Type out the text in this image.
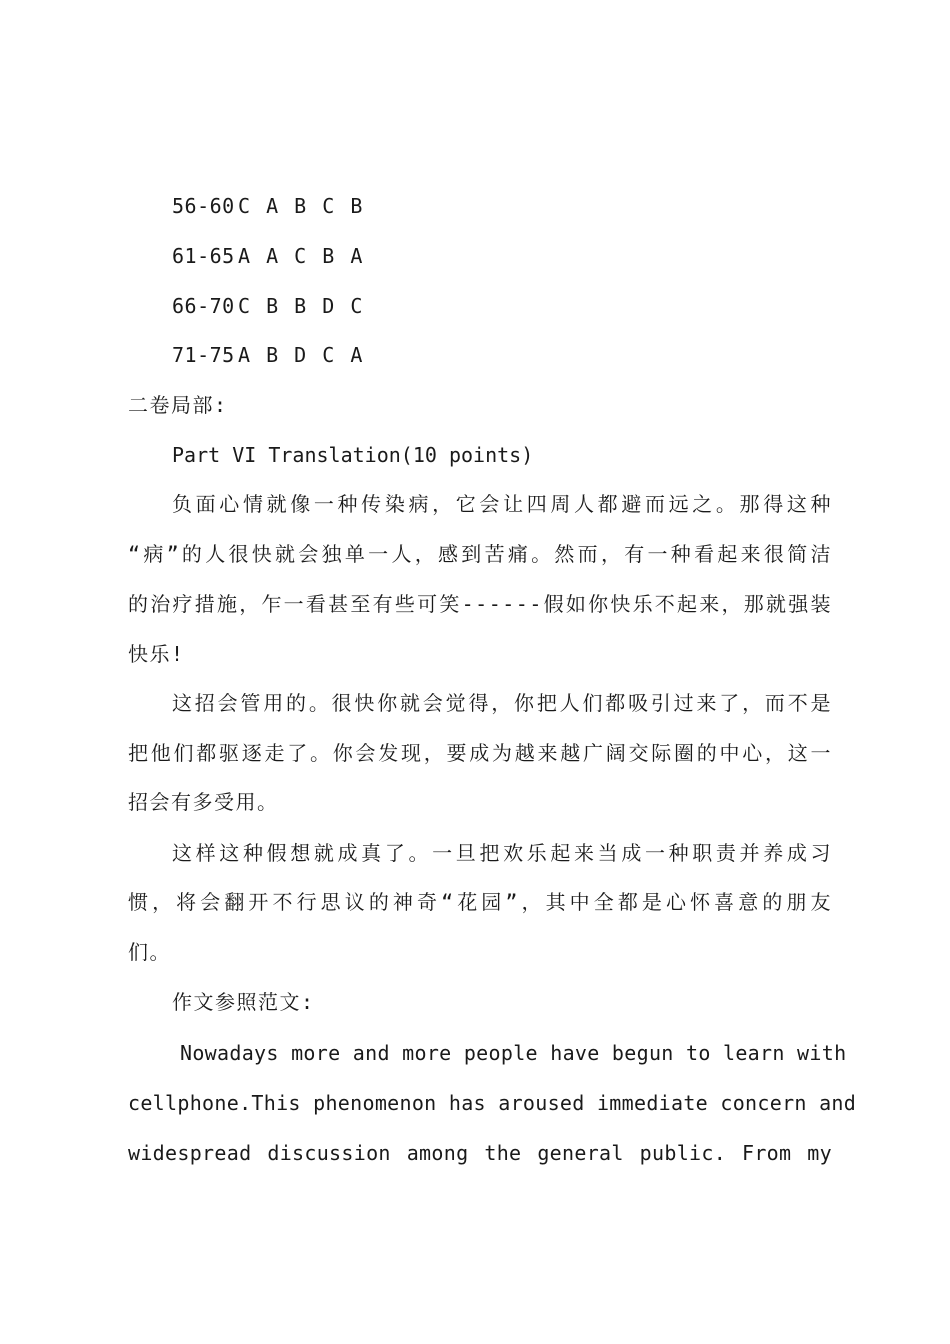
56-60 C A B C B
61-65 A A C B A
66-70 C B B D C
71-75 A B D C A
二卷局部:
Part VI Translation(10 points)
负面心情就像一种传染病，它会让四周人都避而远之。那得这种
“病”的人很快就会独单一人，感到苦痛。然而，有一种看起来很简洁
的治疗措施，乍一看甚至有些可笑------假如你快乐不起来，那就强装
快乐!
这招会管用的。很快你就会觉得，你把人们都吸引过来了，而不是
把他们都驱逐走了。你会发现，要成为越来越广阔交际圈的中心，这一
招会有多受用。
这样这种假想就成真了。一旦把欢乐起来当成一种职责并养成习
惯，将会翻开不行思议的神奇“花园”，其中全都是心怀喜意的朋友
们。
作文参照范文:
Nowadays more and more people have begun to learn with
cellphone.This phenomenon has aroused immediate concern and
widespread discussion among the general public. From my
